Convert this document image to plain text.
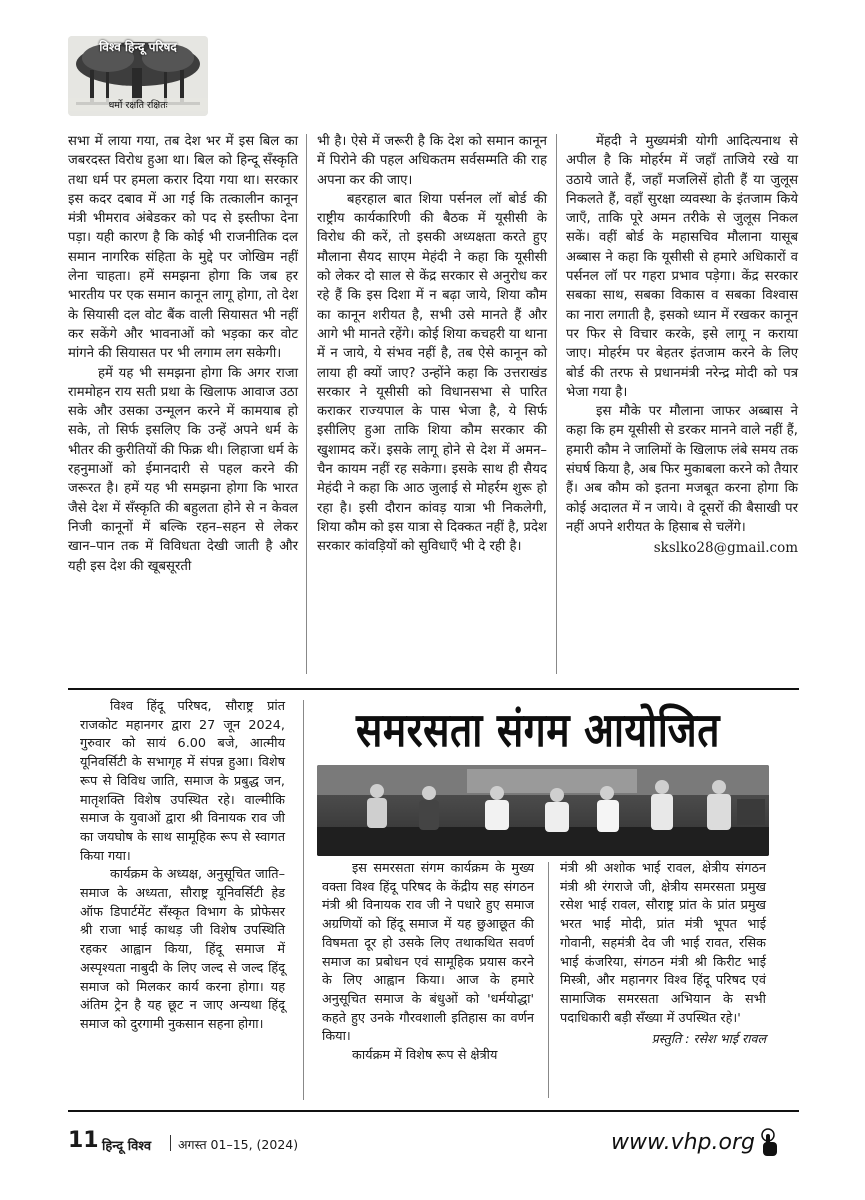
विश्व हिन्दू परिषद
धर्मो रक्षति रक्षितः

सभा में लाया गया, तब देश भर में इस बिल का जबरदस्त विरोध हुआ था। बिल को हिन्दू सँस्कृति तथा धर्म पर हमला करार दिया गया था। सरकार इस कदर दबाव में आ गई कि तत्कालीन कानून मंत्री भीमराव अंबेडकर को पद से इस्तीफा देना पड़ा। यही कारण है कि कोई भी राजनीतिक दल समान नागरिक संहिता के मुद्दे पर जोखिम नहीं लेना चाहता। हमें समझना होगा कि जब हर भारतीय पर एक समान कानून लागू होगा, तो देश के सियासी दल वोट बैंक वाली सियासत भी नहीं कर सकेंगे और भावनाओं को भड़का कर वोट मांगने की सियासत पर भी लगाम लग सकेगी।

हमें यह भी समझना होगा कि अगर राजा राममोहन राय सती प्रथा के खिलाफ आवाज उठा सके और उसका उन्मूलन करने में कामयाब हो सके, तो सिर्फ इसलिए कि उन्हें अपने धर्म के भीतर की कुरीतियों की फिक्र थी। लिहाजा धर्म के रहनुमाओं को ईमानदारी से पहल करने की जरूरत है। हमें यह भी समझना होगा कि भारत जैसे देश में सँस्कृति की बहुलता होने से न केवल निजी कानूनों में बल्कि रहन–सहन से लेकर खान–पान तक में विविधता देखी जाती है और यही इस देश की खूबसूरती

भी है। ऐसे में जरूरी है कि देश को समान कानून में पिरोने की पहल अधिकतम सर्वसम्मति की राह अपना कर की जाए।

बहरहाल बात शिया पर्सनल लॉ बोर्ड की राष्ट्रीय कार्यकारिणी की बैठक में यूसीसी के विरोध की करें, तो इसकी अध्यक्षता करते हुए मौलाना सैयद साएम मेहंदी ने कहा कि यूसीसी को लेकर दो साल से केंद्र सरकार से अनुरोध कर रहे हैं कि इस दिशा में न बढ़ा जाये, शिया कौम का कानून शरीयत है, सभी उसे मानते हैं और आगे भी मानते रहेंगे। कोई शिया कचहरी या थाना में न जाये, ये संभव नहीं है, तब ऐसे कानून को लाया ही क्यों जाए? उन्होंने कहा कि उत्तराखंड सरकार ने यूसीसी को विधानसभा से पारित कराकर राज्यपाल के पास भेजा है, ये सिर्फ इसीलिए हुआ ताकि शिया कौम सरकार की खुशामद करें। इसके लागू होने से देश में अमन–चैन कायम नहीं रह सकेगा। इसके साथ ही सैयद मेहंदी ने कहा कि आठ जुलाई से मोहर्रम शुरू हो रहा है। इसी दौरान कांवड़ यात्रा भी निकलेगी, शिया कौम को इस यात्रा से दिक्कत नहीं है, प्रदेश सरकार कांवड़ियों को सुविधाएँ भी दे रही है।

मेंहदी ने मुख्यमंत्री योगी आदित्यनाथ से अपील है कि मोहर्रम में जहाँ ताजिये रखे या उठाये जाते हैं, जहाँ मजलिसें होती हैं या जुलूस निकलते हैं, वहाँ सुरक्षा व्यवस्था के इंतजाम किये जाएँ, ताकि पूरे अमन तरीके से जुलूस निकल सकें। वहीं बोर्ड के महासचिव मौलाना यासूब अब्बास ने कहा कि यूसीसी से हमारे अधिकारों व पर्सनल लॉ पर गहरा प्रभाव पड़ेगा। केंद्र सरकार सबका साथ, सबका विकास व सबका विश्वास का नारा लगाती है, इसको ध्यान में रखकर कानून पर फिर से विचार करके, इसे लागू न कराया जाए। मोहर्रम पर बेहतर इंतजाम करने के लिए बोर्ड की तरफ से प्रधानमंत्री नरेन्द्र मोदी को पत्र भेजा गया है।

इस मौके पर मौलाना जाफर अब्बास ने कहा कि हम यूसीसी से डरकर मानने वाले नहीं हैं, हमारी कौम ने जालिमों के खिलाफ लंबे समय तक संघर्ष किया है, अब फिर मुकाबला करने को तैयार हैं। अब कौम को इतना मजबूत करना होगा कि कोई अदालत में न जाये। वे दूसरों की बैसाखी पर नहीं अपने शरीयत के हिसाब से चलेंगे।

skslko28@gmail.com

विश्व हिंदू परिषद, सौराष्ट्र प्रांत राजकोट महानगर द्वारा 27 जून 2024, गुरुवार को सायं 6.00 बजे, आत्मीय यूनिवर्सिटी के सभागृह में संपन्न हुआ। विशेष रूप से विविध जाति, समाज के प्रबुद्ध जन, मातृशक्ति विशेष उपस्थित रहे। वाल्मीकि समाज के युवाओं द्वारा श्री विनायक राव जी का जयघोष के साथ सामूहिक रूप से स्वागत किया गया।

कार्यक्रम के अध्यक्ष, अनुसूचित जाति–समाज के अध्यता, सौराष्ट्र यूनिवर्सिटी हेड ऑफ डिपार्टमेंट सँस्कृत विभाग के प्रोफेसर श्री राजा भाई काथड़ जी विशेष उपस्थिति रहकर आह्वान किया, हिंदू समाज में अस्पृश्यता नाबुदी के लिए जल्द से जल्द हिंदू समाज को मिलकर कार्य करना होगा। यह अंतिम ट्रेन है यह छूट न जाए अन्यथा हिंदू समाज को दुरगामी नुकसान सहना होगा।

समरसता संगम आयोजित

इस समरसता संगम कार्यक्रम के मुख्य वक्ता विश्व हिंदू परिषद के केंद्रीय सह संगठन मंत्री श्री विनायक राव जी ने पधारे हुए समाज अग्रणियों को हिंदू समाज में यह छुआछूत की विषमता दूर हो उसके लिए तथाकथित सवर्ण समाज का प्रबोधन एवं सामूहिक प्रयास करने के लिए आह्वान किया। आज के हमारे अनुसूचित समाज के बंधुओं को 'धर्मयोद्धा' कहते हुए उनके गौरवशाली इतिहास का वर्णन किया।

कार्यक्रम में विशेष रूप से क्षेत्रीय

मंत्री श्री अशोक भाई रावल, क्षेत्रीय संगठन मंत्री श्री रंगराजे जी, क्षेत्रीय समरसता प्रमुख रसेश भाई रावल, सौराष्ट्र प्रांत के प्रांत प्रमुख भरत भाई मोदी, प्रांत मंत्री भूपत भाई गोवानी, सहमंत्री देव जी भाई रावत, रसिक भाई कंजरिया, संगठन मंत्री श्री किरीट भाई मिस्त्री, और महानगर विश्व हिंदू परिषद एवं सामाजिक समरसता अभियान के सभी पदाधिकारी बड़ी सँख्या में उपस्थित रहे।'

प्रस्तुति : रसेश भाई रावल

11 हिन्दू विश्व अगस्त 01–15, (2024)	www.vhp.org
